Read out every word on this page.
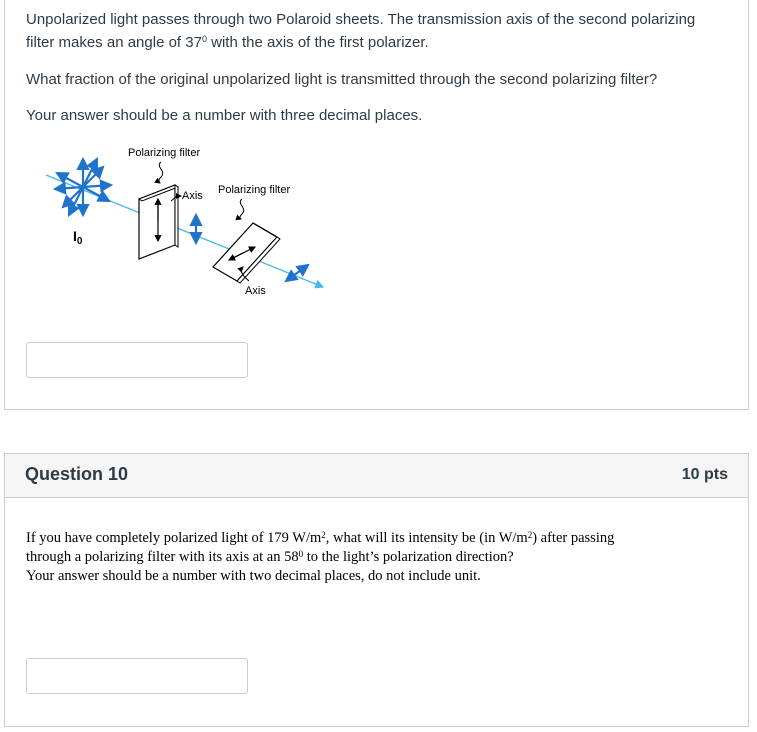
Unpolarized light passes through two Polaroid sheets. The transmission axis of the second polarizing
filter makes an angle of $37^0$ with the axis of the first polarizer.
What fraction of the original unpolarized light is transmitted through the second polarizing filter?
Your answer should be a number with three decimal places.
$I_0$
Polarizing filter
Axis Polarizing filter
Axis
Question 10	10 pts

If you have completely polarized light of 179 $W/m^2$, what will its intensity be (in $W/m^2$) after passing

through a polarizing filter with its axis at an $58^0$ to the light’s polarization direction?

Your answer should be a number with two decimal places, do not include unit.
